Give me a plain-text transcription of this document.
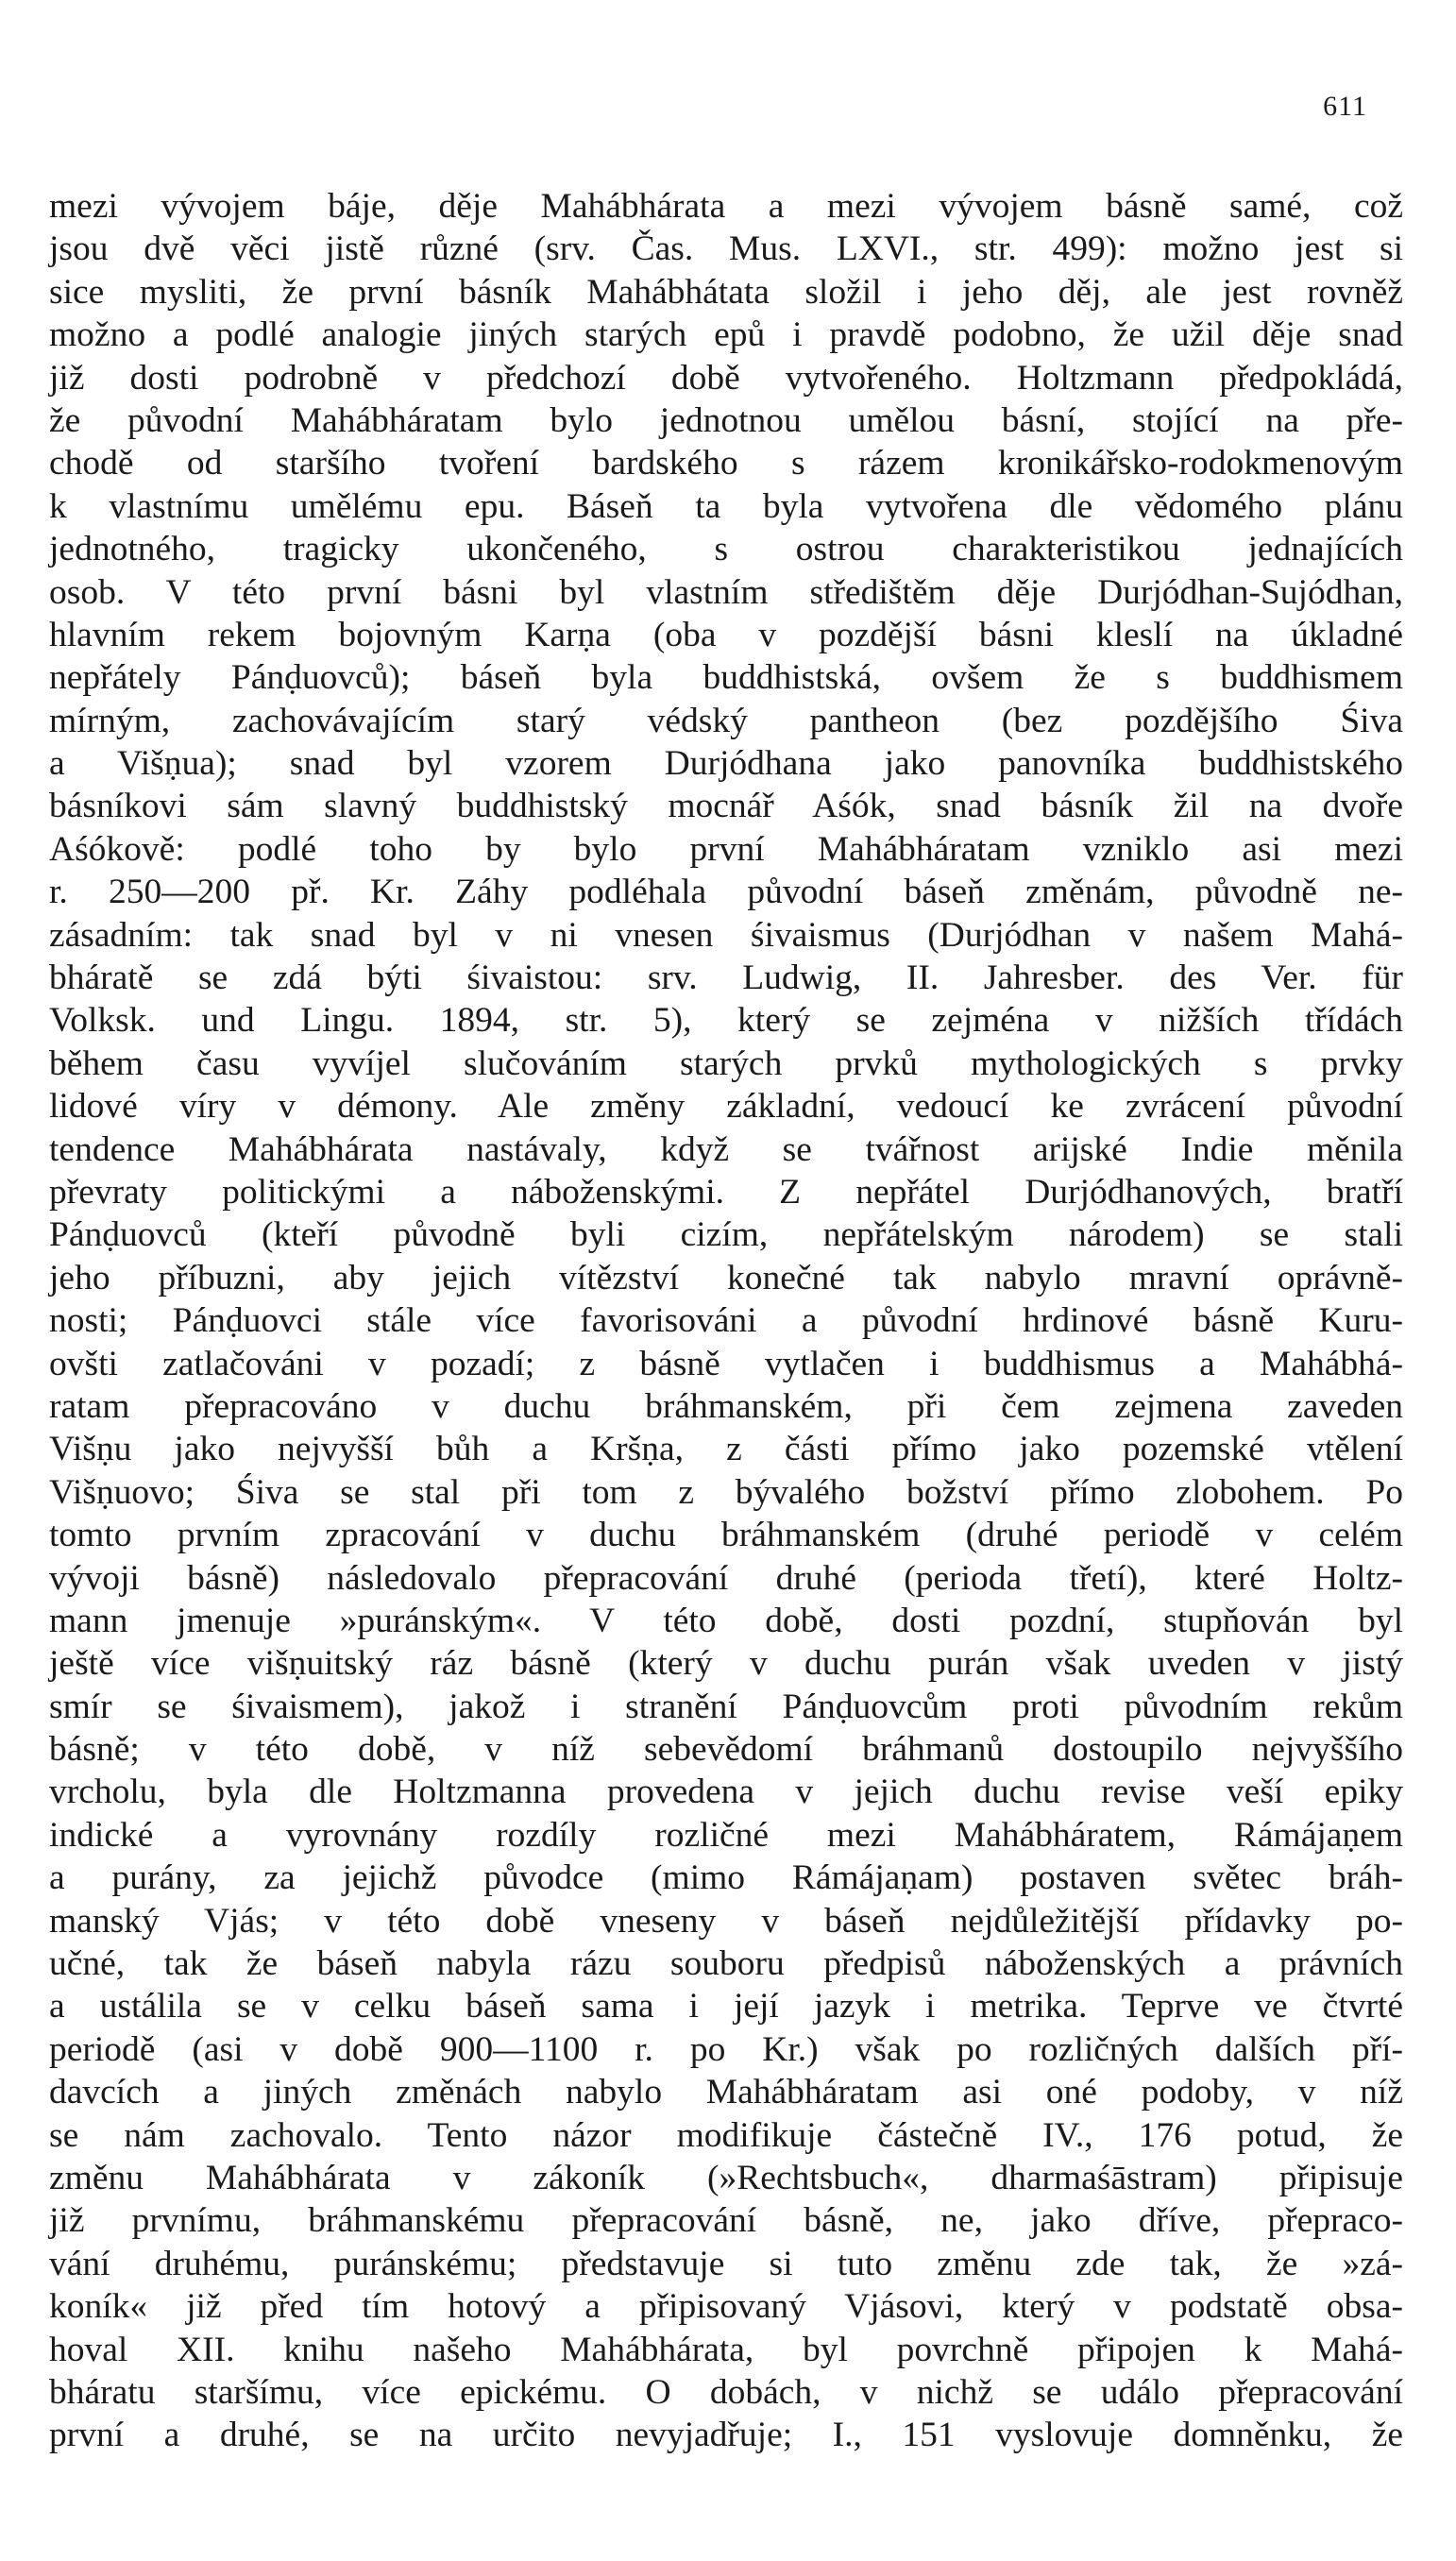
611
mezi vývojem báje, děje Mahábhárata a mezi vývojem básně samé, což
jsou dvě věci jistě různé (srv. Čas. Mus. LXVI., str. 499): možno jest si
sice mysliti, že první básník Mahábhátata složil i jeho děj, ale jest rovněž
možno a podlé analogie jiných starých epů i pravdě podobno, že užil děje snad
již dosti podrobně v předchozí době vytvořeného. Holtzmann předpokládá,
že původní Mahábháratam bylo jednotnou umělou básní, stojící na pře-
chodě od staršího tvoření bardského s rázem kronikářsko-rodokmenovým
k vlastnímu umělému epu. Báseň ta byla vytvořena dle vědomého plánu
jednotného, tragicky ukončeného, s ostrou charakteristikou jednajících
osob. V této první básni byl vlastním středištěm děje Durjódhan-Sujódhan,
hlavním rekem bojovným Karṇa (oba v pozdější básni kleslí na úkladné
nepřátely Pánḍuovců); báseň byla buddhistská, ovšem že s buddhismem
mírným, zachovávajícím starý védský pantheon (bez pozdějšího Śiva
a Višṇua); snad byl vzorem Durjódhana jako panovníka buddhistského
básníkovi sám slavný buddhistský mocnář Aśók, snad básník žil na dvoře
Aśókově: podlé toho by bylo první Mahábháratam vzniklo asi mezi
r. 250—200 př. Kr. Záhy podléhala původní báseň změnám, původně ne-
zásadním: tak snad byl v ni vnesen śivaismus (Durjódhan v našem Mahá-
bháratě se zdá býti śivaistou: srv. Ludwig, II. Jahresber. des Ver. für
Volksk. und Lingu. 1894, str. 5), který se zejména v nižších třídách
během času vyvíjel slučováním starých prvků mythologických s prvky
lidové víry v démony. Ale změny základní, vedoucí ke zvrácení původní
tendence Mahábhárata nastávaly, když se tvářnost arijské Indie měnila
převraty politickými a náboženskými. Z nepřátel Durjódhanových, bratří
Pánḍuovců (kteří původně byli cizím, nepřátelským národem) se stali
jeho příbuzni, aby jejich vítězství konečné tak nabylo mravní oprávně-
nosti; Pánḍuovci stále více favorisováni a původní hrdinové básně Kuru-
ovšti zatlačováni v pozadí; z básně vytlačen i buddhismus a Mahábhá-
ratam přepracováno v duchu bráhmanském, při čem zejmena zaveden
Višṇu jako nejvyšší bůh a Kršṇa, z části přímo jako pozemské vtělení
Višṇuovo; Śiva se stal při tom z bývalého božství přímo zlobohem. Po
tomto prvním zpracování v duchu bráhmanském (druhé periodě v celém
vývoji básně) následovalo přepracování druhé (perioda třetí), které Holtz-
mann jmenuje »puránským«. V této době, dosti pozdní, stupňován byl
ještě více višṇuitský ráz básně (který v duchu purán však uveden v jistý
smír se śivaismem), jakož i stranění Pánḍuovcům proti původním rekům
básně; v této době, v níž sebevědomí bráhmanů dostoupilo nejvyššího
vrcholu, byla dle Holtzmanna provedena v jejich duchu revise veší epiky
indické a vyrovnány rozdíly rozličné mezi Mahábháratem, Rámájaṇem
a purány, za jejichž původce (mimo Rámájaṇam) postaven světec bráh-
manský Vjás; v této době vneseny v báseň nejdůležitější přídavky po-
učné, tak že báseň nabyla rázu souboru předpisů náboženských a právních
a ustálila se v celku báseň sama i její jazyk i metrika. Teprve ve čtvrté
periodě (asi v době 900—1100 r. po Kr.) však po rozličných dalších pří-
davcích a jiných změnách nabylo Mahábháratam asi oné podoby, v níž
se nám zachovalo. Tento názor modifikuje částečně IV., 176 potud, že
změnu Mahábhárata v zákoník (»Rechtsbuch«, dharmaśāstram) připisuje
již prvnímu, bráhmanskému přepracování básně, ne, jako dříve, přepraco-
vání druhému, puránskému; představuje si tuto změnu zde tak, že »zá-
koník« již před tím hotový a připisovaný Vjásovi, který v podstatě obsa-
hoval XII. knihu našeho Mahábhárata, byl povrchně připojen k Mahá-
bháratu staršímu, více epickému. O dobách, v nichž se událo přepracování
první a druhé, se na určito nevyjadřuje; I., 151 vyslovuje domněnku, že
